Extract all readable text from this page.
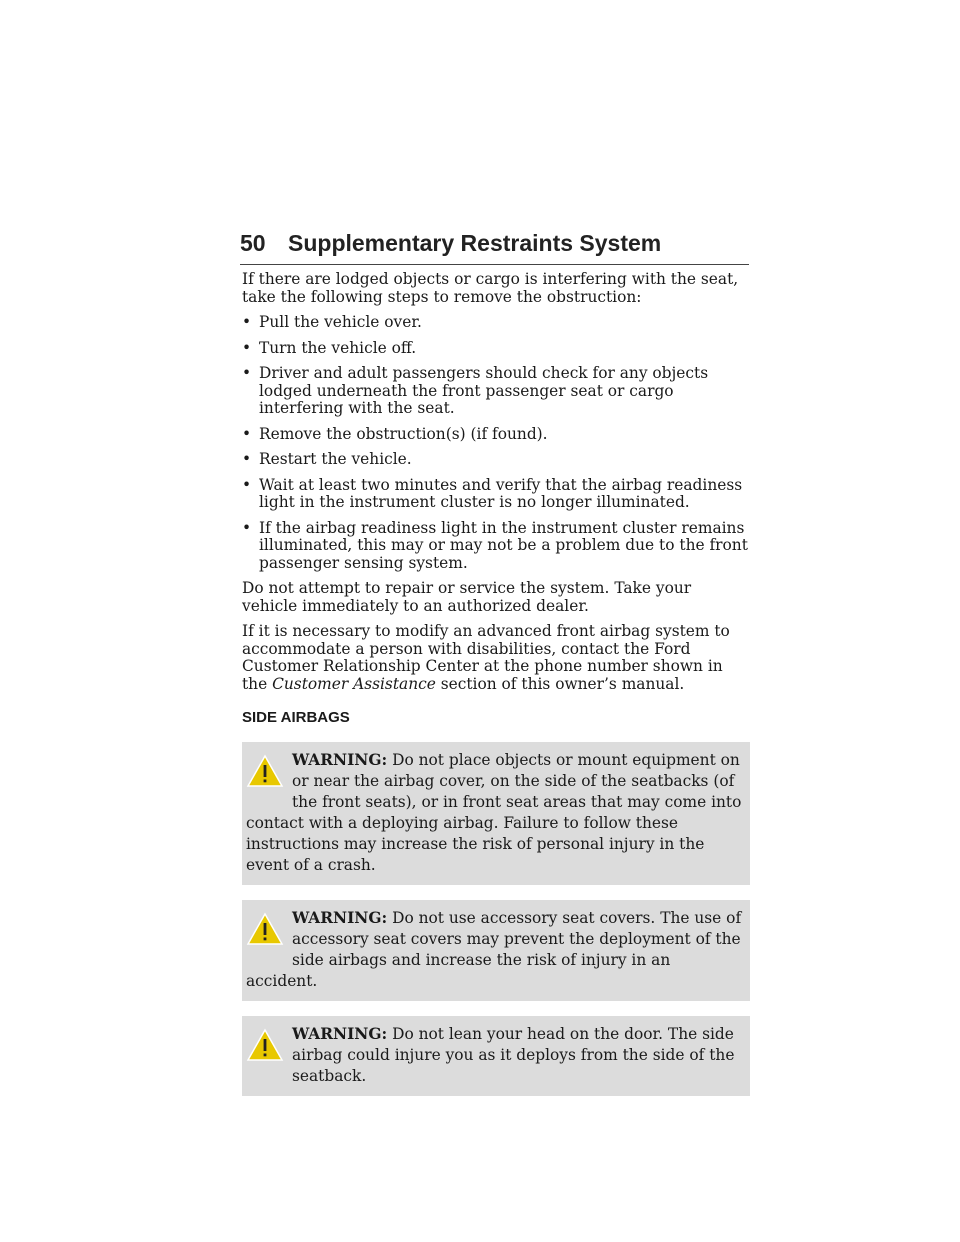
50 Supplementary Restraints System

If there are lodged objects or cargo is interfering with the seat, take the following steps to remove the obstruction:

• Pull the vehicle over.
• Turn the vehicle off.
• Driver and adult passengers should check for any objects lodged underneath the front passenger seat or cargo interfering with the seat.
• Remove the obstruction(s) (if found).
• Restart the vehicle.
• Wait at least two minutes and verify that the airbag readiness light in the instrument cluster is no longer illuminated.
• If the airbag readiness light in the instrument cluster remains illuminated, this may or may not be a problem due to the front passenger sensing system.

Do not attempt to repair or service the system. Take your vehicle immediately to an authorized dealer.

If it is necessary to modify an advanced front airbag system to accommodate a person with disabilities, contact the Ford Customer Relationship Center at the phone number shown in the Customer Assistance section of this owner’s manual.

SIDE AIRBAGS
WARNING: Do not place objects or mount equipment on or near the airbag cover, on the side of the seatbacks (of the front seats), or in front seat areas that may come into contact with a deploying airbag. Failure to follow these instructions may increase the risk of personal injury in the event of a crash.
WARNING: Do not use accessory seat covers. The use of accessory seat covers may prevent the deployment of the side airbags and increase the risk of injury in an accident.
WARNING: Do not lean your head on the door. The side airbag could injure you as it deploys from the side of the seatback.
